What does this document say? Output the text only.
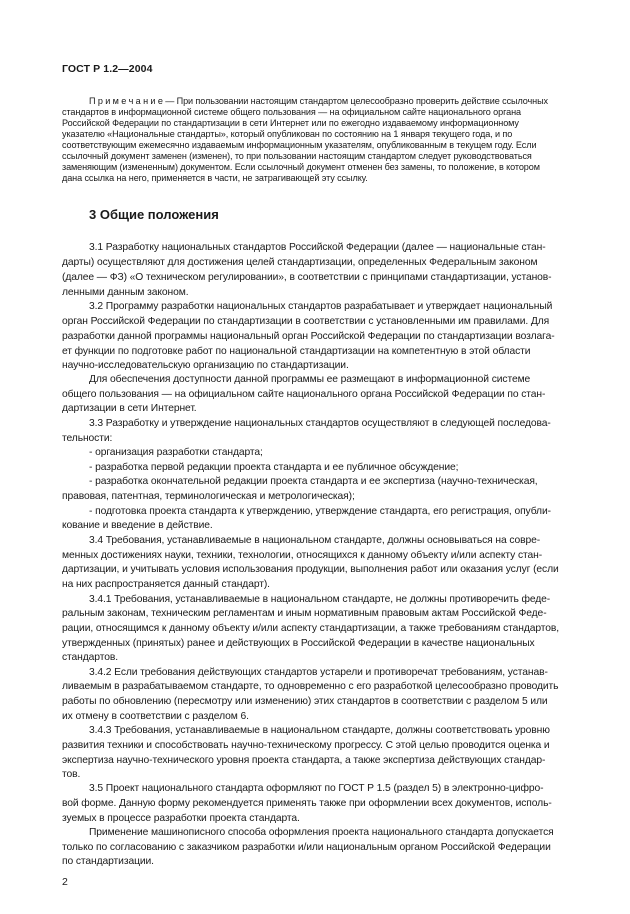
ГОСТ Р 1.2—2004
П р и м е ч а н и е — При пользовании настоящим стандартом целесообразно проверить действие ссылочных
стандартов в информационной системе общего пользования — на официальном сайте национального органа
Российской Федерации по стандартизации в сети Интернет или по ежегодно издаваемому информационному
указателю «Национальные стандарты», который опубликован по состоянию на 1 января текущего года, и по
соответствующим ежемесячно издаваемым информационным указателям, опубликованным в текущем году. Если
ссылочный документ заменен (изменен), то при пользовании настоящим стандартом следует руководствоваться
заменяющим (измененным) документом. Если ссылочный документ отменен без замены, то положение, в котором
дана ссылка на него, применяется в части, не затрагивающей эту ссылку.
3 Общие положения
3.1 Разработку национальных стандартов Российской Федерации (далее — национальные стан-
дарты) осуществляют для достижения целей стандартизации, определенных Федеральным законом
(далее — ФЗ) «О техническом регулировании», в соответствии с принципами стандартизации, установ-
ленными данным законом.
3.2 Программу разработки национальных стандартов разрабатывает и утверждает национальный
орган Российской Федерации по стандартизации в соответствии с установленными им правилами. Для
разработки данной программы национальный орган Российской Федерации по стандартизации возлага-
ет функции по подготовке работ по национальной стандартизации на компетентную в этой области
научно-исследовательскую организацию по стандартизации.
Для обеспечения доступности данной программы ее размещают в информационной системе
общего пользования — на официальном сайте национального органа Российской Федерации по стан-
дартизации в сети Интернет.
3.3 Разработку и утверждение национальных стандартов осуществляют в следующей последова-
тельности:
- организация разработки стандарта;
- разработка первой редакции проекта стандарта и ее публичное обсуждение;
- разработка окончательной редакции проекта стандарта и ее экспертиза (научно-техническая,
правовая, патентная, терминологическая и метрологическая);
- подготовка проекта стандарта к утверждению, утверждение стандарта, его регистрация, опубли-
кование и введение в действие.
3.4 Требования, устанавливаемые в национальном стандарте, должны основываться на совре-
менных достижениях науки, техники, технологии, относящихся к данному объекту и/или аспекту стан-
дартизации, и учитывать условия использования продукции, выполнения работ или оказания услуг (если
на них распространяется данный стандарт).
3.4.1 Требования, устанавливаемые в национальном стандарте, не должны противоречить феде-
ральным законам, техническим регламентам и иным нормативным правовым актам Российской Феде-
рации, относящимся к данному объекту и/или аспекту стандартизации, а также требованиям стандартов,
утвержденных (принятых) ранее и действующих в Российской Федерации в качестве национальных
стандартов.
3.4.2 Если требования действующих стандартов устарели и противоречат требованиям, устанав-
ливаемым в разрабатываемом стандарте, то одновременно с его разработкой целесообразно проводить
работы по обновлению (пересмотру или изменению) этих стандартов в соответствии с разделом 5 или
их отмену в соответствии с разделом 6.
3.4.3 Требования, устанавливаемые в национальном стандарте, должны соответствовать уровню
развития техники и способствовать научно-техническому прогрессу. С этой целью проводится оценка и
экспертиза научно-технического уровня проекта стандарта, а также экспертиза действующих стандар-
тов.
3.5 Проект национального стандарта оформляют по ГОСТ Р 1.5 (раздел 5) в электронно-цифро-
вой форме. Данную форму рекомендуется применять также при оформлении всех документов, исполь-
зуемых в процессе разработки проекта стандарта.
Применение машинописного способа оформления проекта национального стандарта допускается
только по согласованию с заказчиком разработки и/или национальным органом Российской Федерации
по стандартизации.
2
